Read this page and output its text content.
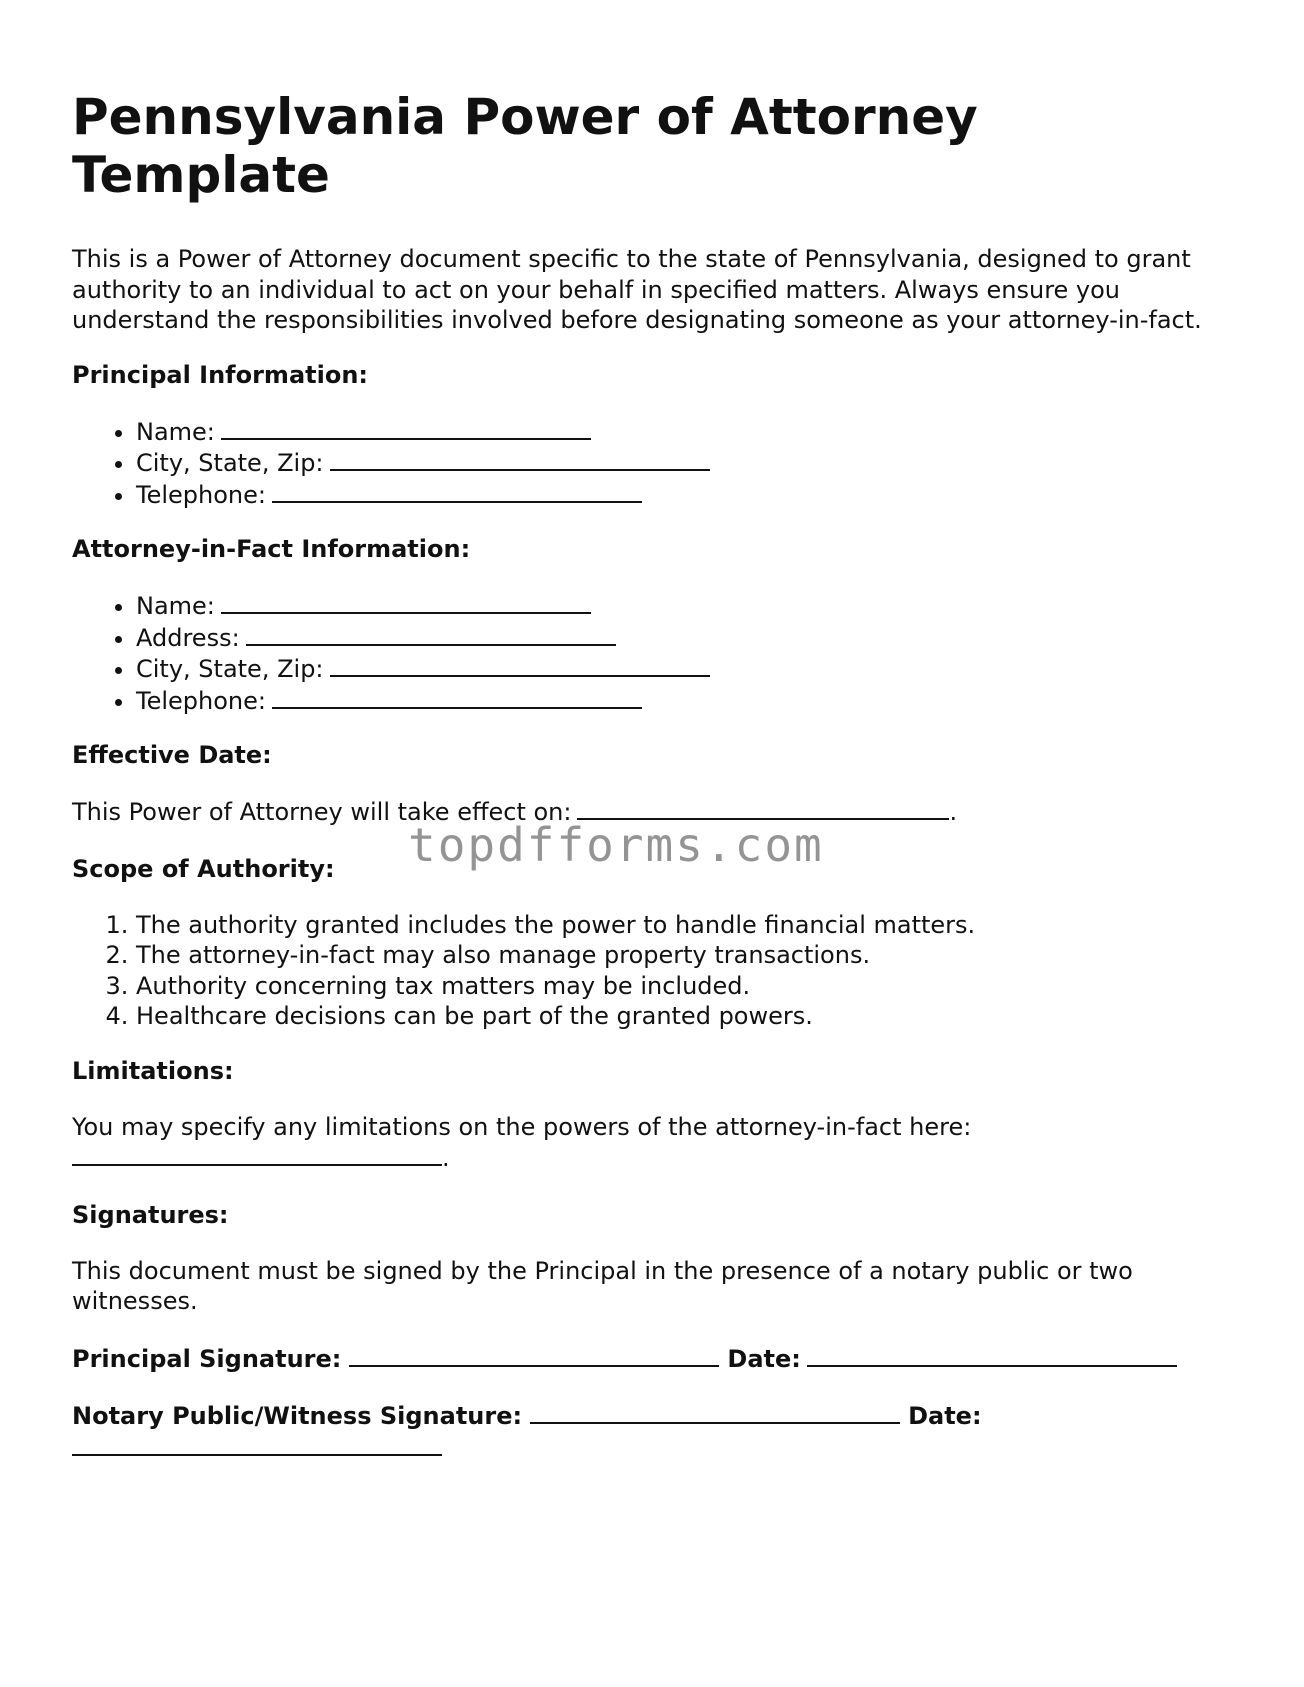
Pennsylvania Power of Attorney Template

This is a Power of Attorney document specific to the state of Pennsylvania, designed to grant authority to an individual to act on your behalf in specified matters. Always ensure you understand the responsibilities involved before designating someone as your attorney-in-fact.

Principal Information:
• Name:
• City, State, Zip:
• Telephone:
Attorney-in-Fact Information:
• Name:
• Address:
• City, State, Zip:
• Telephone:
Effective Date:

This Power of Attorney will take effect on:	.

Scope of Authority:
1. The authority granted includes the power to handle financial matters.
2. The attorney-in-fact may also manage property transactions.
3. Authority concerning tax matters may be included.
4. Healthcare decisions can be part of the granted powers.
Limitations:

You may specify any limitations on the powers of the attorney-in-fact here:
.

Signatures:

This document must be signed by the Principal in the presence of a notary public or two witnesses.

Principal Signature:	Date:
Notary Public/Witness Signature:	Date:

topdfforms.com
